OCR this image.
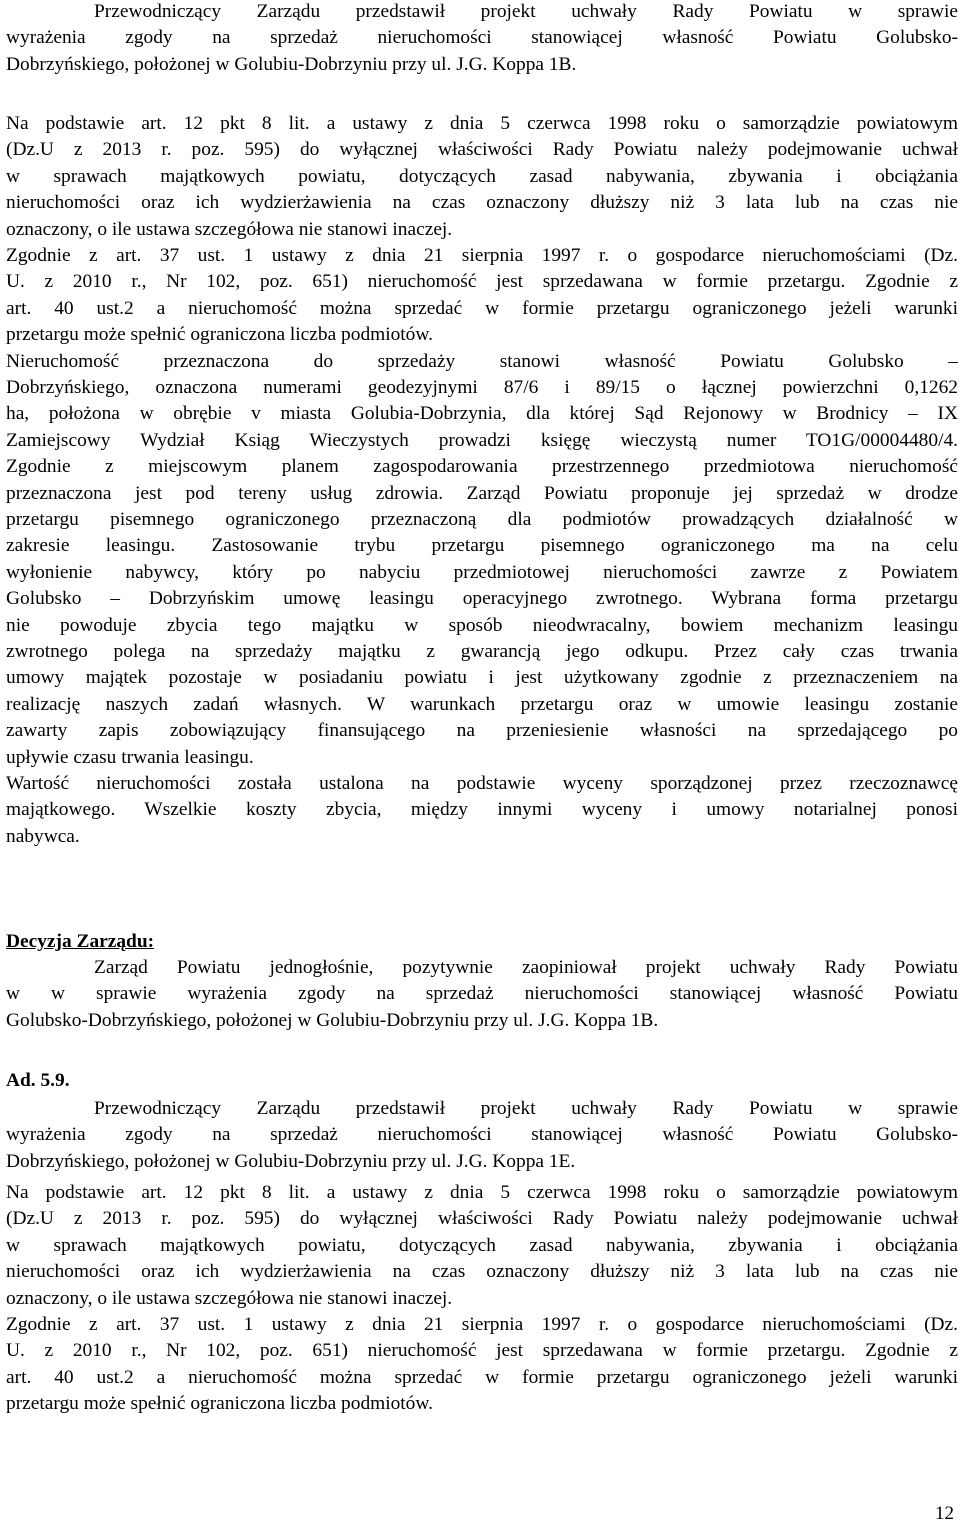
Przewodniczący Zarządu przedstawił projekt uchwały Rady Powiatu w sprawie
wyrażenia zgody na sprzedaż nieruchomości stanowiącej własność Powiatu Golubsko-
Dobrzyńskiego, położonej w Golubiu-Dobrzyniu przy ul. J.G. Koppa 1B.
Na podstawie art. 12 pkt 8 lit. a ustawy z dnia 5 czerwca 1998 roku o samorządzie powiatowym
(Dz.U z 2013 r. poz. 595) do wyłącznej właściwości Rady Powiatu należy podejmowanie uchwał
w sprawach majątkowych powiatu, dotyczących zasad nabywania, zbywania i obciążania
nieruchomości oraz ich wydzierżawienia na czas oznaczony dłuższy niż 3 lata lub na czas nie
oznaczony, o ile ustawa szczegółowa nie stanowi inaczej.
Zgodnie z art. 37 ust. 1 ustawy z dnia 21 sierpnia 1997 r. o gospodarce nieruchomościami (Dz.
U. z 2010 r., Nr 102, poz. 651) nieruchomość jest sprzedawana w formie przetargu. Zgodnie z
art. 40 ust.2 a nieruchomość można sprzedać w formie przetargu ograniczonego jeżeli warunki
przetargu może spełnić ograniczona liczba podmiotów.
Nieruchomość przeznaczona do sprzedaży stanowi własność Powiatu Golubsko –
Dobrzyńskiego, oznaczona numerami geodezyjnymi 87/6 i 89/15 o łącznej powierzchni 0,1262
ha, położona w obrębie v miasta Golubia-Dobrzynia, dla której Sąd Rejonowy w Brodnicy – IX
Zamiejscowy Wydział Ksiąg Wieczystych prowadzi księgę wieczystą numer TO1G/00004480/4.
Zgodnie z miejscowym planem zagospodarowania przestrzennego przedmiotowa nieruchomość
przeznaczona jest pod tereny usług zdrowia. Zarząd Powiatu proponuje jej sprzedaż w drodze
przetargu pisemnego ograniczonego przeznaczoną dla podmiotów prowadzących działalność w
zakresie leasingu. Zastosowanie trybu przetargu pisemnego ograniczonego ma na celu
wyłonienie nabywcy, który po nabyciu przedmiotowej nieruchomości zawrze z Powiatem
Golubsko – Dobrzyńskim umowę leasingu operacyjnego zwrotnego. Wybrana forma przetargu
nie powoduje zbycia tego majątku w sposób nieodwracalny, bowiem mechanizm leasingu
zwrotnego polega na sprzedaży majątku z gwarancją jego odkupu. Przez cały czas trwania
umowy majątek pozostaje w posiadaniu powiatu i jest użytkowany zgodnie z przeznaczeniem na
realizację naszych zadań własnych. W warunkach przetargu oraz w umowie leasingu zostanie
zawarty zapis zobowiązujący finansującego na przeniesienie własności na sprzedającego po
upływie czasu trwania leasingu.
Wartość nieruchomości została ustalona na podstawie wyceny sporządzonej przez rzeczoznawcę
majątkowego. Wszelkie koszty zbycia, między innymi wyceny i umowy notarialnej ponosi
nabywca.
Decyzja Zarządu:
Zarząd Powiatu jednogłośnie, pozytywnie zaopiniował projekt uchwały Rady Powiatu
w w sprawie wyrażenia zgody na sprzedaż nieruchomości stanowiącej własność Powiatu
Golubsko-Dobrzyńskiego, położonej w Golubiu-Dobrzyniu przy ul. J.G. Koppa 1B.
Ad. 5.9.
Przewodniczący Zarządu przedstawił projekt uchwały Rady Powiatu w sprawie
wyrażenia zgody na sprzedaż nieruchomości stanowiącej własność Powiatu Golubsko-
Dobrzyńskiego, położonej w Golubiu-Dobrzyniu przy ul. J.G. Koppa 1E.
Na podstawie art. 12 pkt 8 lit. a ustawy z dnia 5 czerwca 1998 roku o samorządzie powiatowym
(Dz.U z 2013 r. poz. 595) do wyłącznej właściwości Rady Powiatu należy podejmowanie uchwał
w sprawach majątkowych powiatu, dotyczących zasad nabywania, zbywania i obciążania
nieruchomości oraz ich wydzierżawienia na czas oznaczony dłuższy niż 3 lata lub na czas nie
oznaczony, o ile ustawa szczegółowa nie stanowi inaczej.
Zgodnie z art. 37 ust. 1 ustawy z dnia 21 sierpnia 1997 r. o gospodarce nieruchomościami (Dz.
U. z 2010 r., Nr 102, poz. 651) nieruchomość jest sprzedawana w formie przetargu. Zgodnie z
art. 40 ust.2 a nieruchomość można sprzedać w formie przetargu ograniczonego jeżeli warunki
przetargu może spełnić ograniczona liczba podmiotów.
12
